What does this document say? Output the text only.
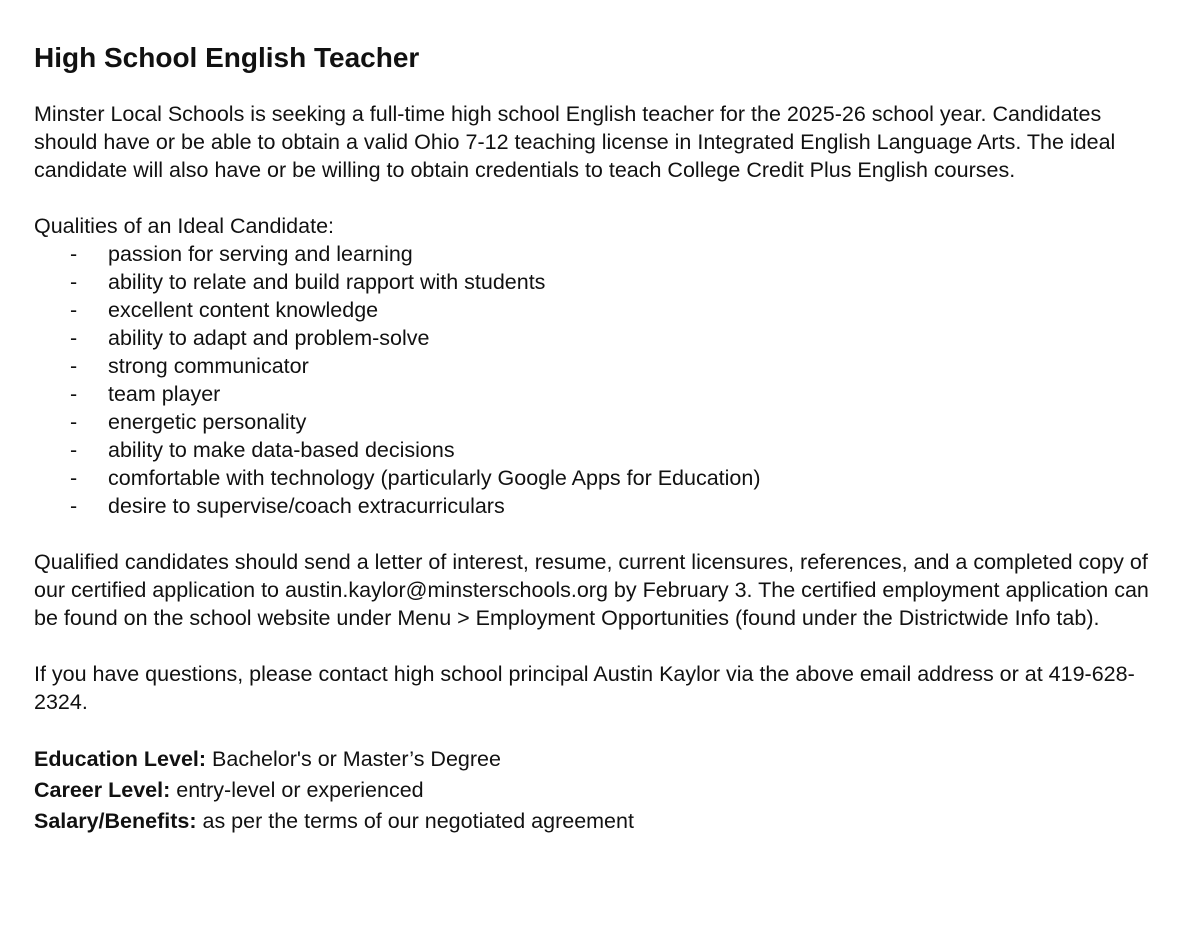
High School English Teacher

Minster Local Schools is seeking a full-time high school English teacher for the 2025-26 school year. Candidates should have or be able to obtain a valid Ohio 7-12 teaching license in Integrated English Language Arts. The ideal candidate will also have or be willing to obtain credentials to teach College Credit Plus English courses.

Qualities of an Ideal Candidate:

-	passion for serving and learning
-	ability to relate and build rapport with students
-	excellent content knowledge
-	ability to adapt and problem-solve
-	strong communicator
-	team player
-	energetic personality
-	ability to make data-based decisions
-	comfortable with technology (particularly Google Apps for Education)
-	desire to supervise/coach extracurriculars

Qualified candidates should send a letter of interest, resume, current licensures, references, and a completed copy of our certified application to austin.kaylor@minsterschools.org by February 3. The certified employment application can be found on the school website under Menu > Employment Opportunities (found under the Districtwide Info tab).

If you have questions, please contact high school principal Austin Kaylor via the above email address or at 419-628-2324.

Education Level: Bachelor's or Master’s Degree

Career Level: entry-level or experienced

Salary/Benefits: as per the terms of our negotiated agreement
